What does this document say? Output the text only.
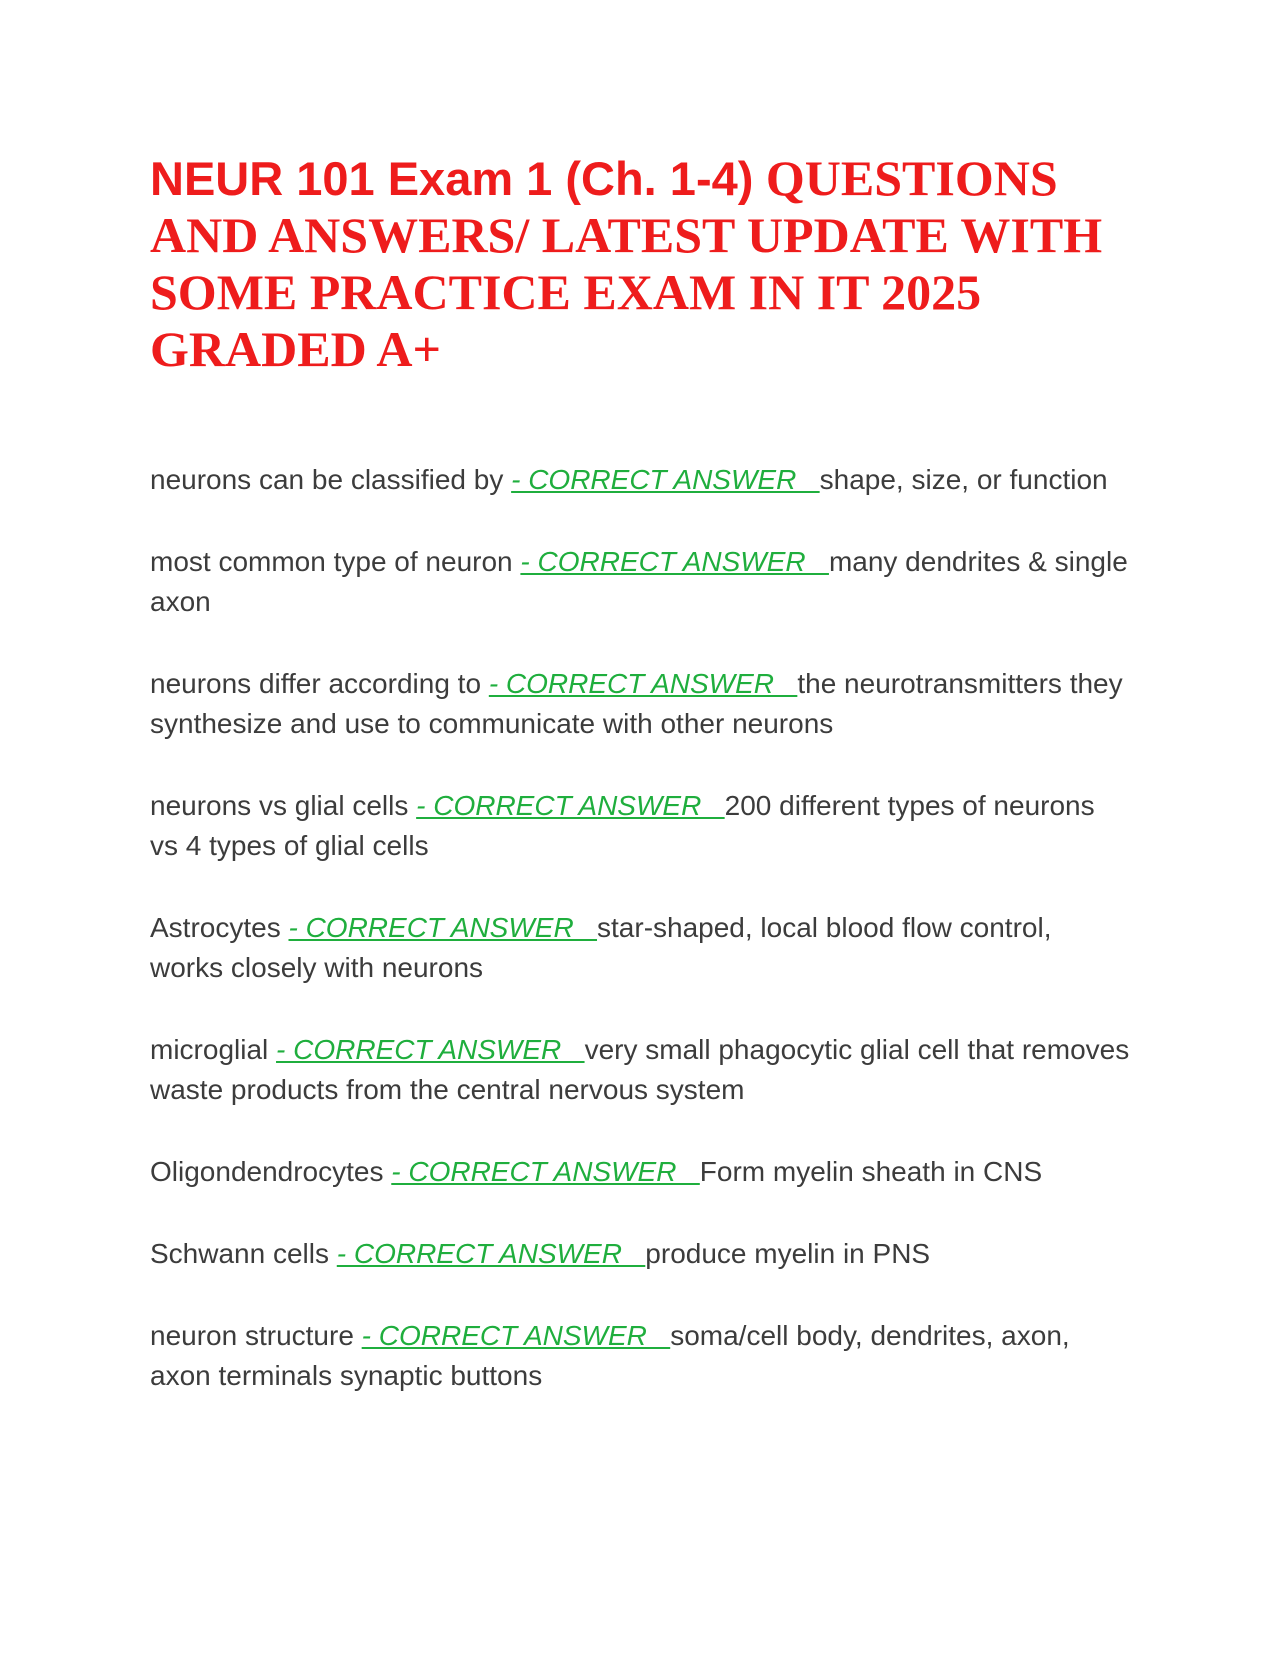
NEUR 101 Exam 1 (Ch. 1-4) QUESTIONS AND ANSWERS/ LATEST UPDATE WITH SOME PRACTICE EXAM IN IT 2025 GRADED A+

neurons can be classified by - CORRECT ANSWER   shape, size, or function

most common type of neuron - CORRECT ANSWER   many dendrites & single axon

neurons differ according to - CORRECT ANSWER   the neurotransmitters they synthesize and use to communicate with other neurons

neurons vs glial cells - CORRECT ANSWER   200 different types of neurons vs 4 types of glial cells

Astrocytes - CORRECT ANSWER   star-shaped, local blood flow control, works closely with neurons

microglial - CORRECT ANSWER   very small phagocytic glial cell that removes waste products from the central nervous system

Oligondendrocytes - CORRECT ANSWER   Form myelin sheath in CNS

Schwann cells - CORRECT ANSWER   produce myelin in PNS

neuron structure - CORRECT ANSWER   soma/cell body, dendrites, axon, axon terminals synaptic buttons
